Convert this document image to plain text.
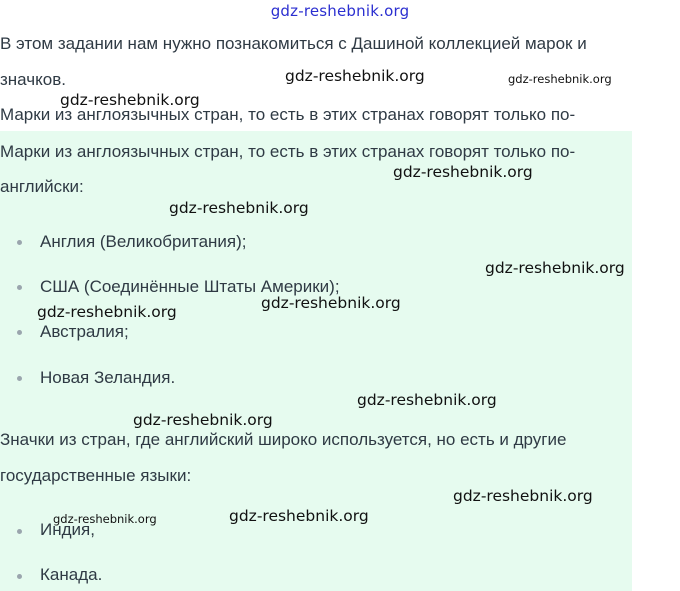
gdz-reshebnik.org
В этом задании нам нужно познакомиться с Дашиной коллекцией марок и
значков.
Марки из англоязычных стран, то есть в этих странах говорят только по-
Марки из англоязычных стран, то есть в этих странах говорят только по-
английски:
Англия (Великобритания);
США (Соединённые Штаты Америки);
Австралия;
Новая Зеландия.
Значки из стран, где английский широко используется, но есть и другие
государственные языки:
Индия,
Канада.
gdz-reshebnik.org	gdz-reshebnik.org
gdz-reshebnik.org
gdz-reshebnik.org
gdz-reshebnik.org
gdz-reshebnik.org
gdz-reshebnik.org
gdz-reshebnik.org
gdz-reshebnik.org
gdz-reshebnik.org
gdz-reshebnik.org
gdz-reshebnik.org	gdz-reshebnik.org
